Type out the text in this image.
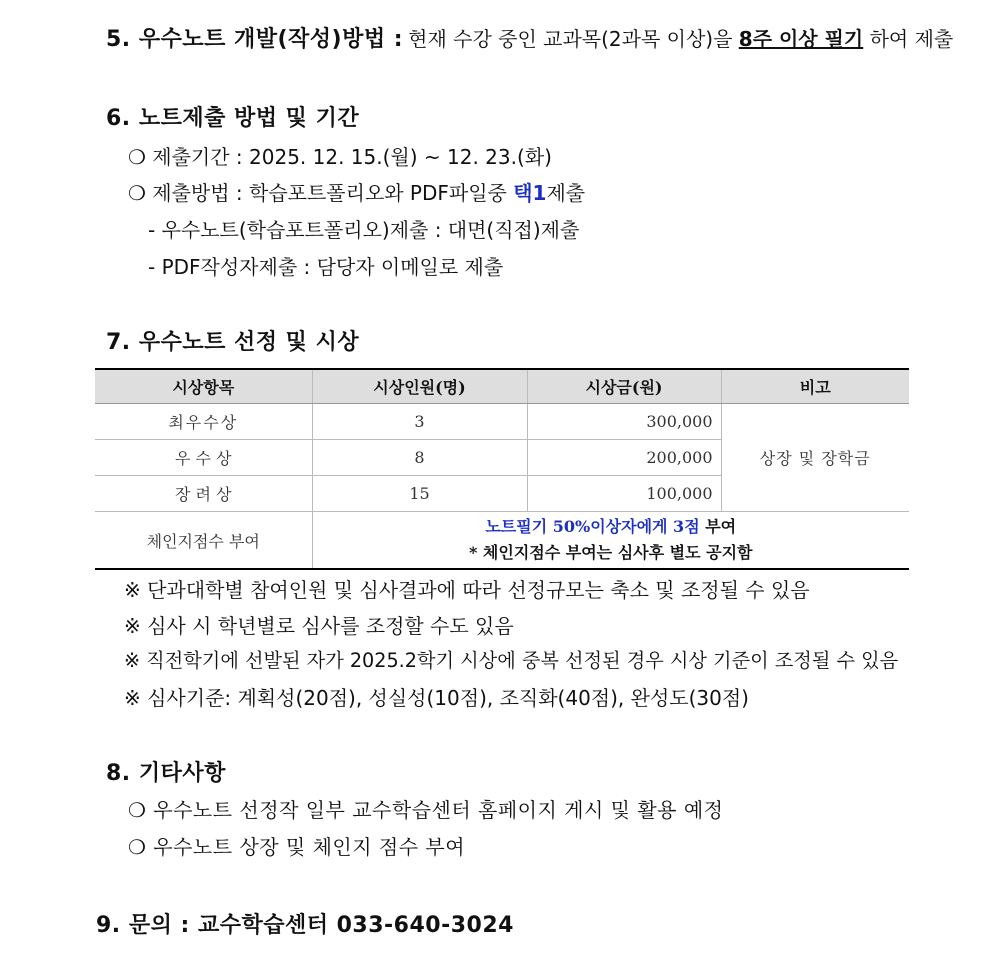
5. 우수노트 개발(작성)방법 : 현재 수강 중인 교과목(2과목 이상)을 8주 이상 필기 하여 제출
6. 노트제출 방법 및 기간
❍ 제출기간 : 2025. 12. 15.(월) ~ 12. 23.(화)
❍ 제출방법 : 학습포트폴리오와 PDF파일중 택1제출
- 우수노트(학습포트폴리오)제출 : 대면(직접)제출
- PDF작성자제출 : 담당자 이메일로 제출
7. 우수노트 선정 및 시상
시상항목	시상인원(명)	시상금(원)	비고
최우수상	3	300,000	상장 및 장학금
우 수 상	8	200,000	
장 려 상	15	100,000	
체인지점수 부여	노트필기 50%이상자에게 3점 부여
* 체인지점수 부여는 심사후 별도 공지함		
※ 단과대학별 참여인원 및 심사결과에 따라 선정규모는 축소 및 조정될 수 있음
※ 심사 시 학년별로 심사를 조정할 수도 있음
※ 직전학기에 선발된 자가 2025.2학기 시상에 중복 선정된 경우 시상 기준이 조정될 수 있음
※ 심사기준: 계획성(20점), 성실성(10점), 조직화(40점), 완성도(30점)
8. 기타사항
❍ 우수노트 선정작 일부 교수학습센터 홈페이지 게시 및 활용 예정
❍ 우수노트 상장 및 체인지 점수 부여
9. 문의 : 교수학습센터 033-640-3024
